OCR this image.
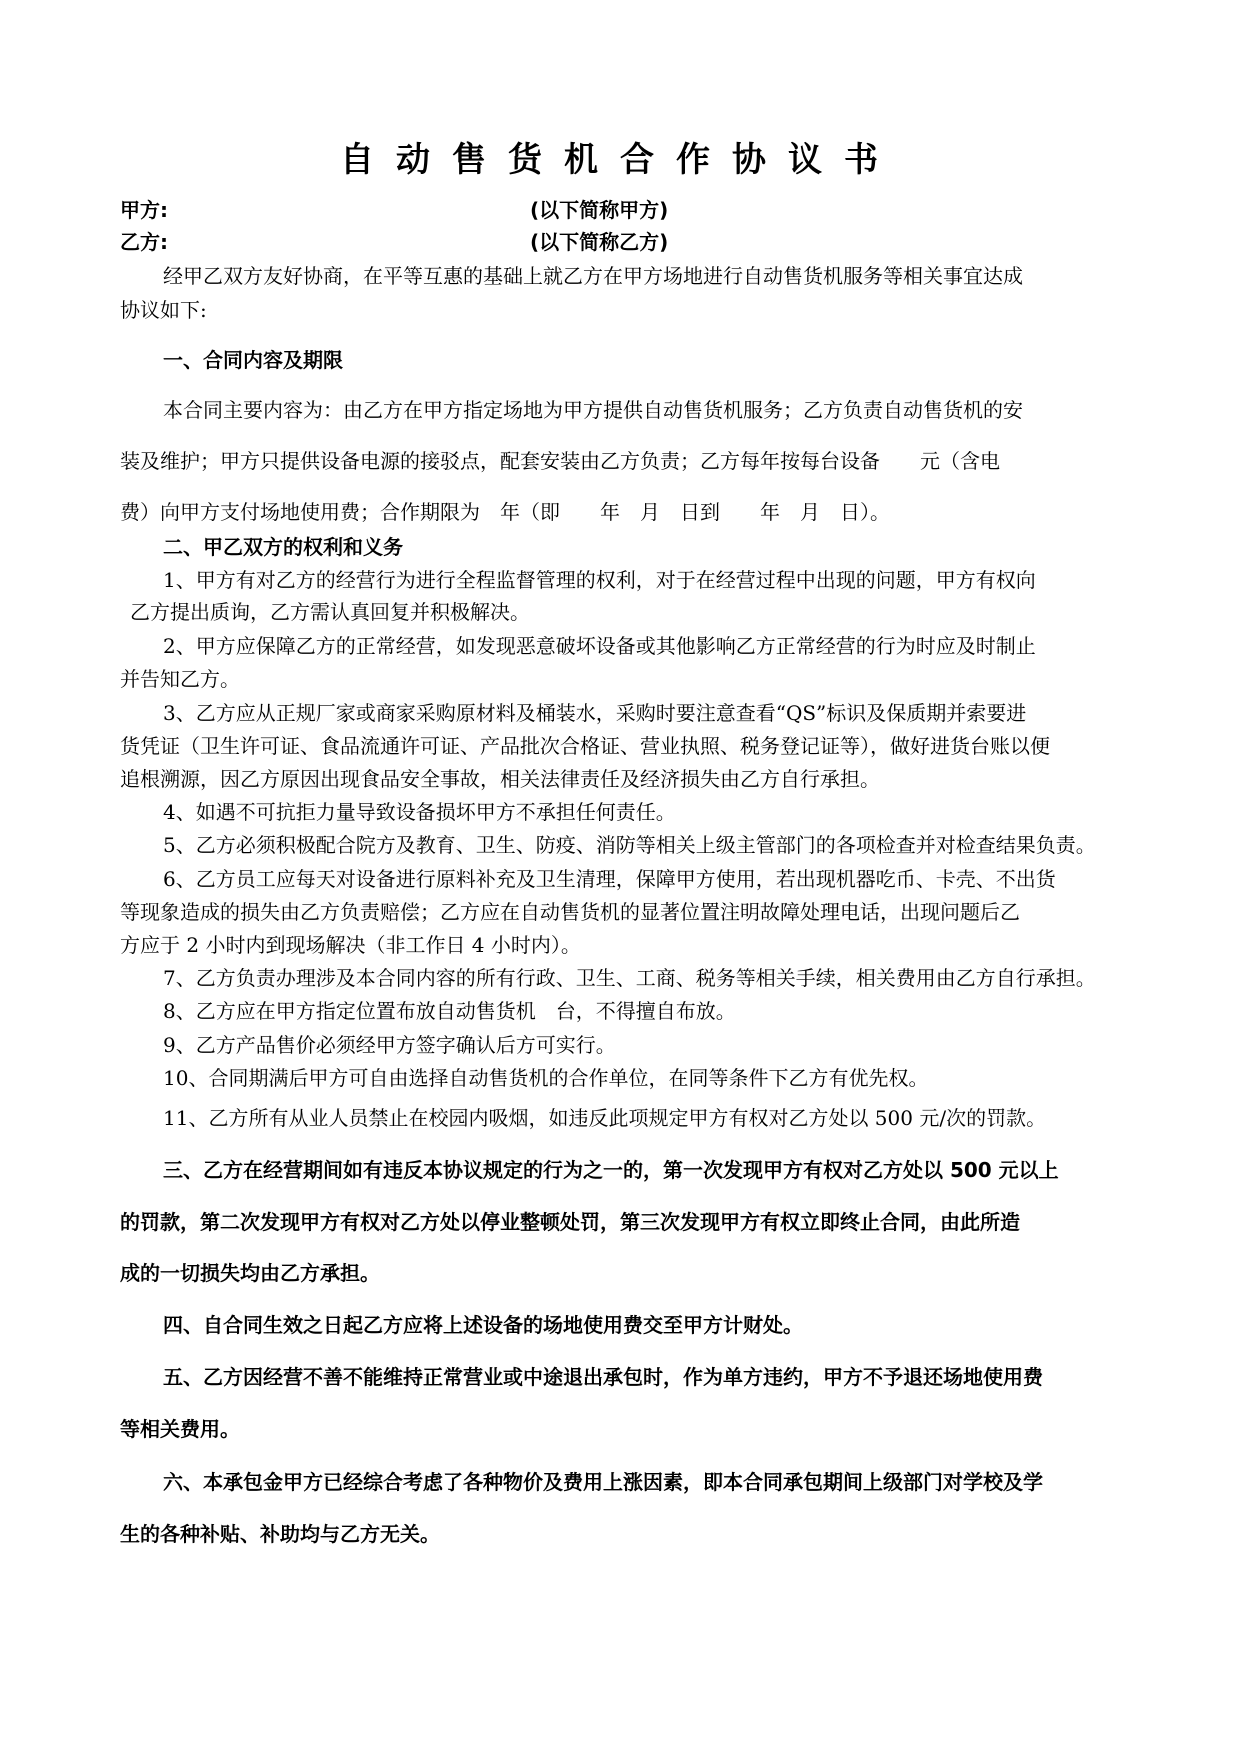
自动售货机合作协议书
甲方:	(以下简称甲方)
乙方:	(以下简称乙方)
经甲乙双方友好协商，在平等互惠的基础上就乙方在甲方场地进行自动售货机服务等相关事宜达成
协议如下:
一、合同内容及期限
本合同主要内容为：由乙方在甲方指定场地为甲方提供自动售货机服务；乙方负责自动售货机的安
装及维护；甲方只提供设备电源的接驳点，配套安装由乙方负责；乙方每年按每台设备　　元（含电
费）向甲方支付场地使用费；合作期限为　年（即　　年　月　日到　　年　月　日）。
二、甲乙双方的权利和义务
1、甲方有对乙方的经营行为进行全程监督管理的权利，对于在经营过程中出现的问题，甲方有权向
乙方提出质询，乙方需认真回复并积极解决。
2、甲方应保障乙方的正常经营，如发现恶意破坏设备或其他影响乙方正常经营的行为时应及时制止
并告知乙方。
3、乙方应从正规厂家或商家采购原材料及桶装水，采购时要注意查看“QS”标识及保质期并索要进
货凭证（卫生许可证、食品流通许可证、产品批次合格证、营业执照、税务登记证等），做好进货台账以便
追根溯源，因乙方原因出现食品安全事故，相关法律责任及经济损失由乙方自行承担。
4、如遇不可抗拒力量导致设备损坏甲方不承担任何责任。
5、乙方必须积极配合院方及教育、卫生、防疫、消防等相关上级主管部门的各项检查并对检查结果负责。
6、乙方员工应每天对设备进行原料补充及卫生清理，保障甲方使用，若出现机器吃币、卡壳、不出货
等现象造成的损失由乙方负责赔偿；乙方应在自动售货机的显著位置注明故障处理电话，出现问题后乙
方应于 2 小时内到现场解决（非工作日 4 小时内）。
7、乙方负责办理涉及本合同内容的所有行政、卫生、工商、税务等相关手续，相关费用由乙方自行承担。
8、乙方应在甲方指定位置布放自动售货机　台，不得擅自布放。
9、乙方产品售价必须经甲方签字确认后方可实行。
10、合同期满后甲方可自由选择自动售货机的合作单位，在同等条件下乙方有优先权。
11、乙方所有从业人员禁止在校园内吸烟，如违反此项规定甲方有权对乙方处以 500 元/次的罚款。
三、乙方在经营期间如有违反本协议规定的行为之一的，第一次发现甲方有权对乙方处以 500 元以上
的罚款，第二次发现甲方有权对乙方处以停业整顿处罚，第三次发现甲方有权立即终止合同，由此所造
成的一切损失均由乙方承担。
四、自合同生效之日起乙方应将上述设备的场地使用费交至甲方计财处。
五、乙方因经营不善不能维持正常营业或中途退出承包时，作为单方违约，甲方不予退还场地使用费
等相关费用。
六、本承包金甲方已经综合考虑了各种物价及费用上涨因素，即本合同承包期间上级部门对学校及学
生的各种补贴、补助均与乙方无关。
